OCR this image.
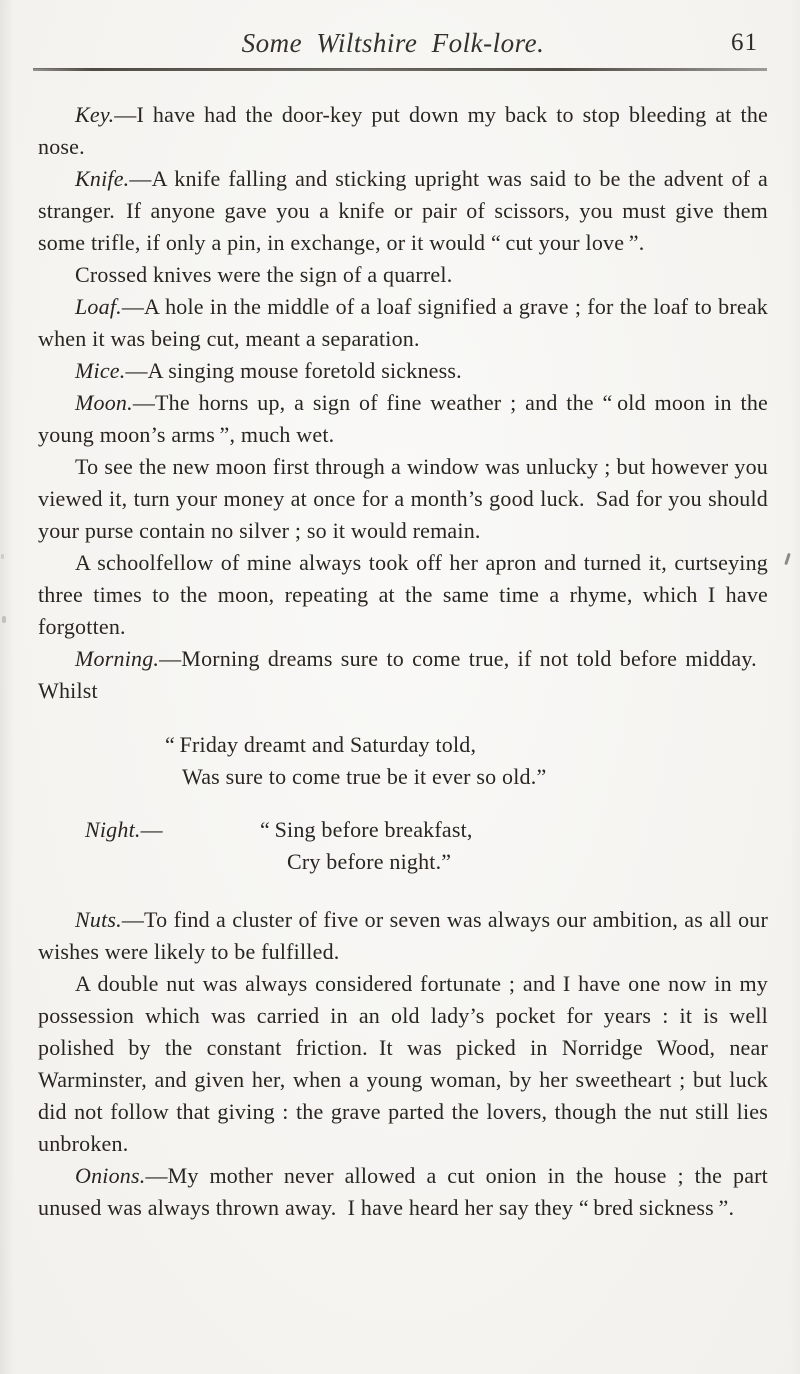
Some Wiltshire Folk-lore.	61

Key.—I have had the door-key put down my back to stop bleeding at the nose.

Knife.—A knife falling and sticking upright was said to be the advent of a stranger. If anyone gave you a knife or pair of scissors, you must give them some trifle, if only a pin, in exchange, or it would “ cut your love ”.

Crossed knives were the sign of a quarrel.

Loaf.—A hole in the middle of a loaf signified a grave ; for the loaf to break when it was being cut, meant a separation.

Mice.—A singing mouse foretold sickness.

Moon.—The horns up, a sign of fine weather ; and the “ old moon in the young moon’s arms ”, much wet.

To see the new moon first through a window was unlucky ; but however you viewed it, turn your money at once for a month’s good luck. Sad for you should your purse contain no silver ; so it would remain.

A schoolfellow of mine always took off her apron and turned it, curtseying three times to the moon, repeating at the same time a rhyme, which I have forgotten.

Morning.—Morning dreams sure to come true, if not told before midday. Whilst

“ Friday dreamt and Saturday told,
Was sure to come true be it ever so old.”
Night.—	“ Sing before breakfast,
Cry before night.”

Nuts.—To find a cluster of five or seven was always our ambition, as all our wishes were likely to be fulfilled.

A double nut was always considered fortunate ; and I have one now in my possession which was carried in an old lady’s pocket for years : it is well polished by the constant friction. It was picked in Norridge Wood, near Warminster, and given her, when a young woman, by her sweetheart ; but luck did not follow that giving : the grave parted the lovers, though the nut still lies unbroken.

Onions.—My mother never allowed a cut onion in the house ; the part unused was always thrown away. I have heard her say they “ bred sickness ”.
